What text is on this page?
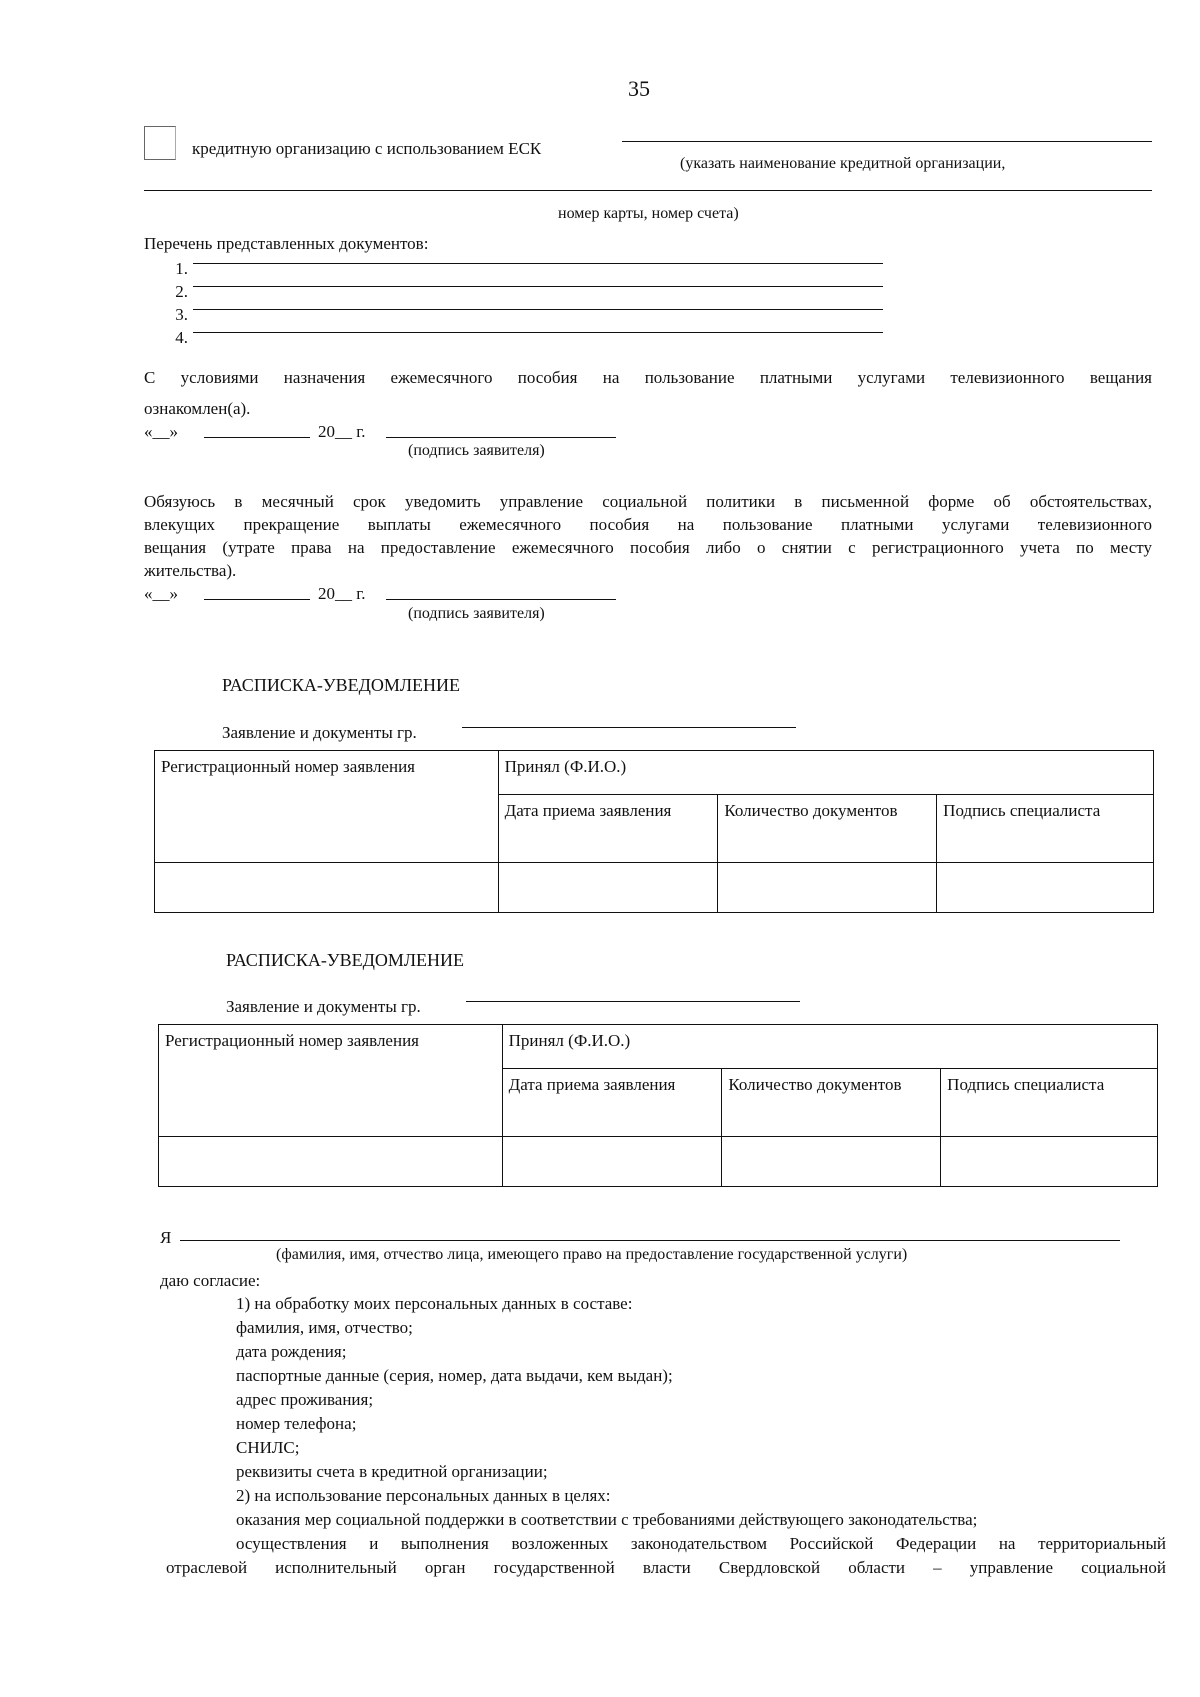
35
кредитную организацию с использованием ЕСК
(указать наименование кредитной организации,
номер карты, номер счета)
Перечень представленных документов:
1.
2.
3.
4.
С условиями назначения ежемесячного пособия на пользование платными услугами телевизионного вещания
ознакомлен(а).
«__»	20__ г.
(подпись заявителя)
Обязуюсь в месячный срок уведомить управление социальной политики в письменной форме об обстоятельствах,
влекущих прекращение выплаты ежемесячного пособия на пользование платными услугами телевизионного
вещания (утрате права на предоставление ежемесячного пособия либо о снятии с регистрационного учета по месту
жительства).
«__»	20__ г.
(подпись заявителя)
РАСПИСКА-УВЕДОМЛЕНИЕ
Заявление и документы гр.
Регистрационный номер заявления	Принял (Ф.И.О.)		
	Дата приема заявления	Количество документов	Подпись специалиста

РАСПИСКА-УВЕДОМЛЕНИЕ
Заявление и документы гр.
Регистрационный номер заявления	Принял (Ф.И.О.)		
	Дата приема заявления	Количество документов	Подпись специалиста

Я
(фамилия, имя, отчество лица, имеющего право на предоставление государственной услуги)
даю согласие:
1) на обработку моих персональных данных в составе:
фамилия, имя, отчество;
дата рождения;
паспортные данные (серия, номер, дата выдачи, кем выдан);
адрес проживания;
номер телефона;
СНИЛС;
реквизиты счета в кредитной организации;
2) на использование персональных данных в целях:
оказания мер социальной поддержки в соответствии с требованиями действующего законодательства;
осуществления и выполнения возложенных законодательством Российской Федерации на территориальный
отраслевой исполнительный орган государственной власти Свердловской области – управление социальной
